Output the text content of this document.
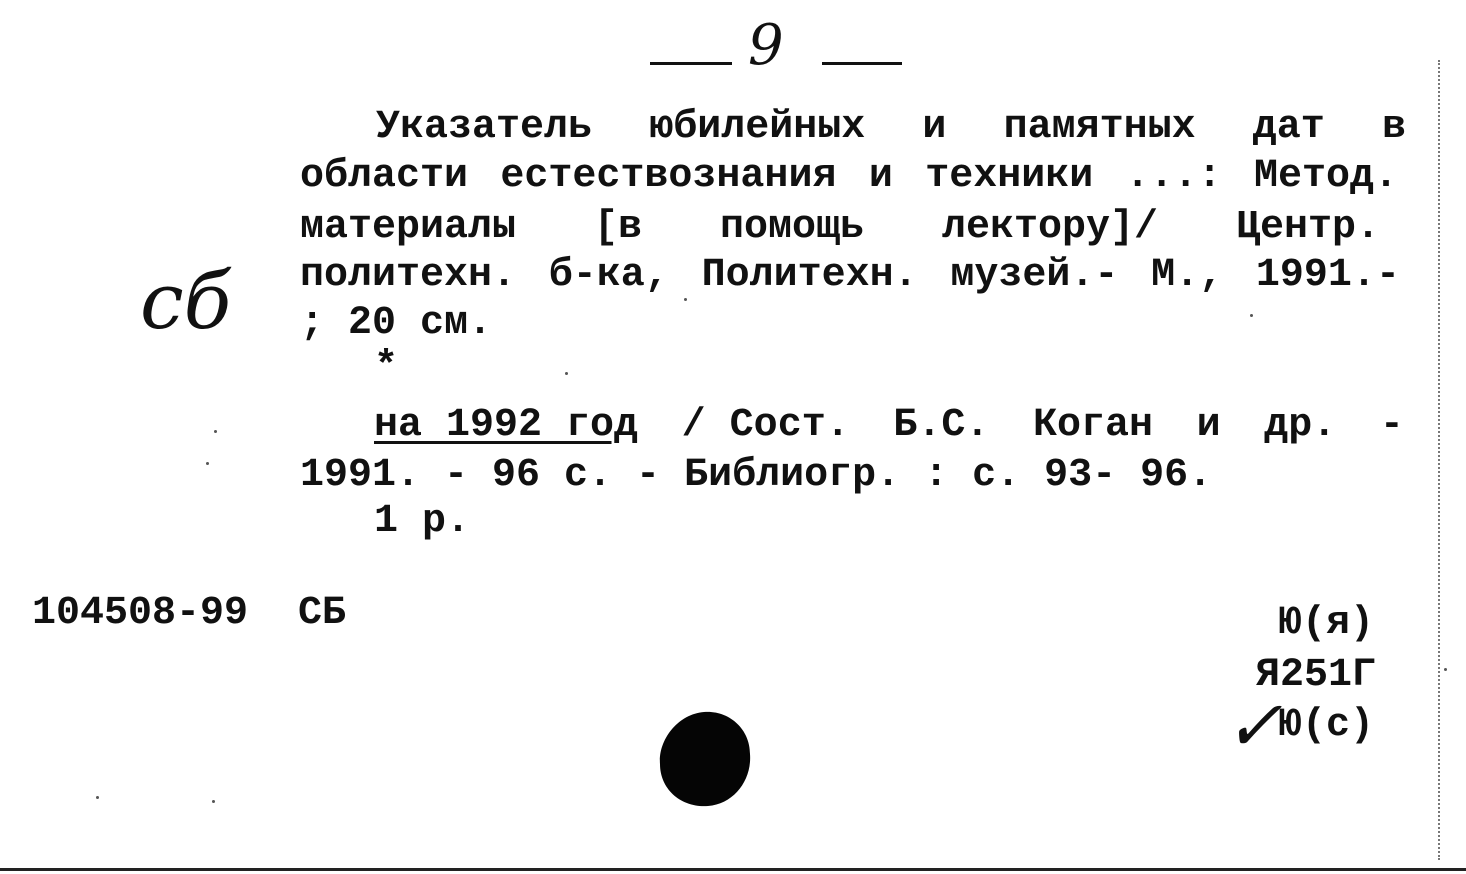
9
сб
Указатель юбилейных и памятных дат в
области естествознания и техники ...: Метод.
материалы [в помощь лектору]/ Центр.
политехн. б-ка, Политехн. музей.- М., 1991.-
; 20 см.
*
на 1992 год / Сост. Б.С. Коган и др. -
1991. - 96 с. - Библиогр. : с. 93- 96.
1 р.
104508-99 СБ	Ю(я)
Я251Г
✓
Ю(с)
